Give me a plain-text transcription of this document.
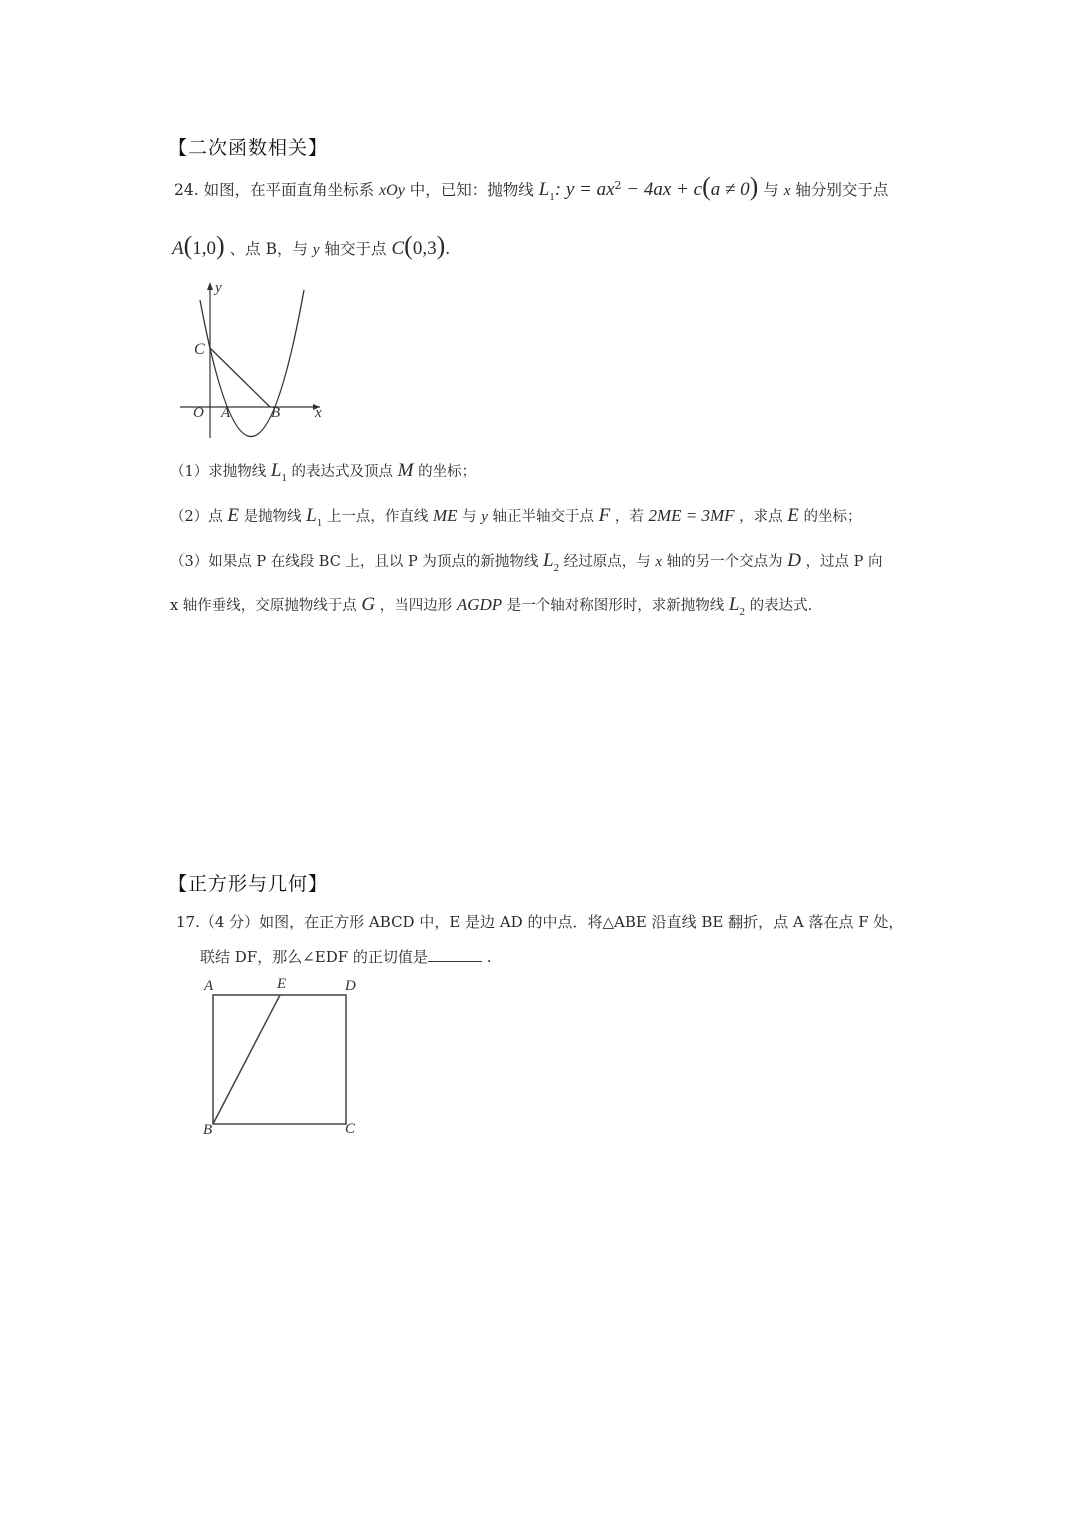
【二次函数相关】
24. 如图，在平面直角坐标系 xOy 中，已知：抛物线 $L_1$: $y = ax^2 - 4ax + c(a \ne 0)$ 与 x 轴分别交于点
A(1,0) 、点 B，与 y 轴交于点 C(0,3).
y
C
O A	B x
（1）求抛物线 $L_1$ 的表达式及顶点 M 的坐标；
（2）点 E 是抛物线 $L_1$ 上一点，作直线 ME 与 y 轴正半轴交于点 F ，若 2ME = 3MF ，求点 E 的坐标；
（3）如果点 P 在线段 BC 上，且以 P 为顶点的新抛物线 $L_2$ 经过原点，与 x 轴的另一个交点为 D ，过点 P 向
x 轴作垂线，交原抛物线于点 G ，当四边形 AGDP 是一个轴对称图形时，求新抛物线 $L_2$ 的表达式.
【正方形与几何】
17.（4 分）如图，在正方形 ABCD 中，E 是边 AD 的中点．将△ABE 沿直线 BE 翻折，点 A 落在点 F 处，
联结 DF，那么∠EDF 的正切值是	.
A	E	D
B	C
